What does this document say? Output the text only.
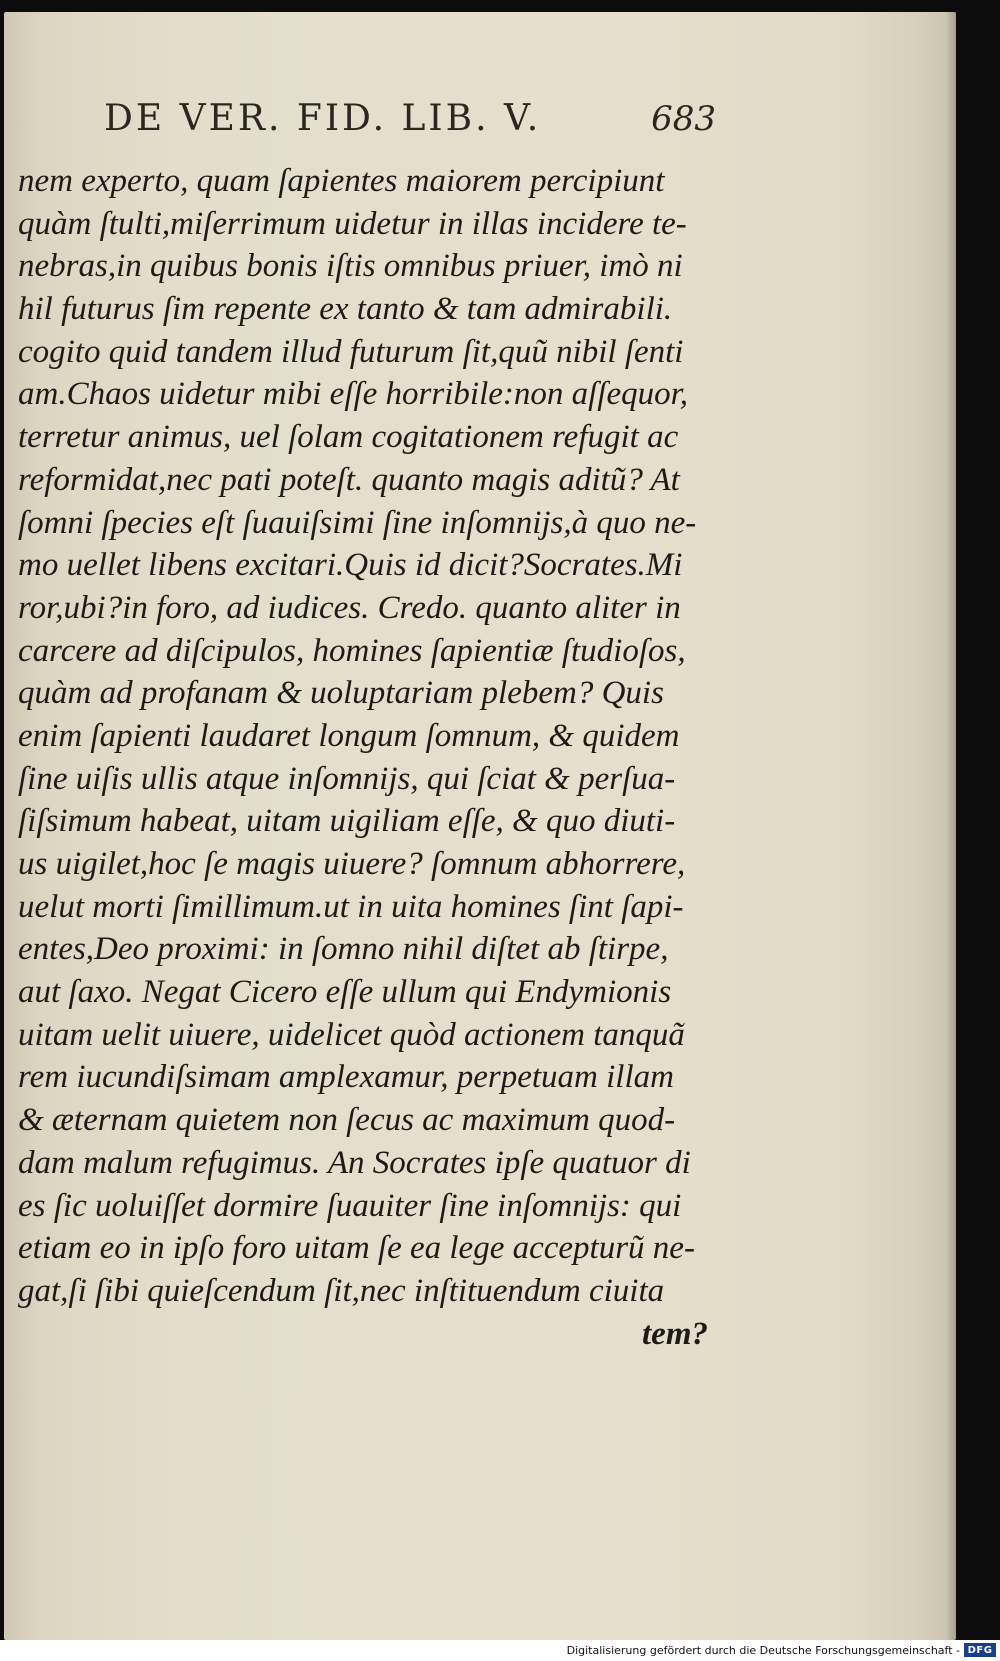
DE VER. FID. LIB. V.	683
nem experto, quam ſapientes maiorem percipiunt
quàm ſtulti,miſerrimum uidetur in illas incidere te-
nebras,in quibus bonis iſtis omnibus priuer, imò ni
hil futurus ſim repente ex tanto & tam admirabili.
cogito quid tandem illud futurum ſit,quũ nibil ſenti
am.Chaos uidetur mibi eſſe horribile:non aſſequor,
terretur animus, uel ſolam cogitationem refugit ac
reformidat,nec pati poteſt. quanto magis aditũ? At
ſomni ſpecies eſt ſuauiſsimi ſine inſomnijs,à quo ne-
mo uellet libens excitari.Quis id dicit?Socrates.Mi
ror,ubi?in foro, ad iudices. Credo. quanto aliter in
carcere ad diſcipulos, homines ſapientiæ ſtudioſos,
quàm ad profanam & uoluptariam plebem? Quis
enim ſapienti laudaret longum ſomnum, & quidem
ſine uiſis ullis atque inſomnijs, qui ſciat & perſua-
ſiſsimum habeat, uitam uigiliam eſſe, & quo diuti-
us uigilet,hoc ſe magis uiuere? ſomnum abhorrere,
uelut morti ſimillimum.ut in uita homines ſint ſapi-
entes,Deo proximi: in ſomno nihil diſtet ab ſtirpe,
aut ſaxo. Negat Cicero eſſe ullum qui Endymionis
uitam uelit uiuere, uidelicet quòd actionem tanquã
rem iucundiſsimam amplexamur, perpetuam illam
& æternam quietem non ſecus ac maximum quod-
dam malum refugimus. An Socrates ipſe quatuor di
es ſic uoluiſſet dormire ſuauiter ſine inſomnijs: qui
etiam eo in ipſo foro uitam ſe ea lege accepturũ ne-
gat,ſi ſibi quieſcendum ſit,nec inſtituendum ciuita
tem?
Digitalisierung gefördert durch die Deutsche Forschungsgemeinschaft - DFG
